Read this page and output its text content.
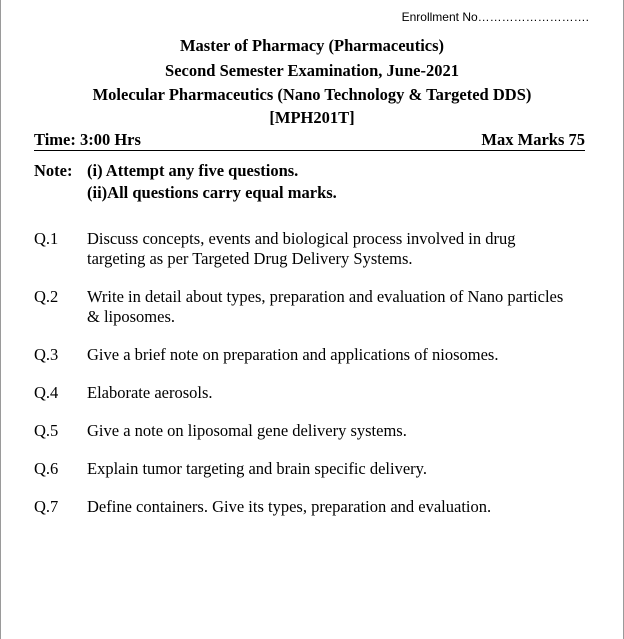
Enrollment No……………………….
Master of Pharmacy (Pharmaceutics)
Second Semester Examination, June-2021
Molecular Pharmaceutics (Nano Technology & Targeted DDS)
[MPH201T]
Time: 3:00 Hrs	Max Marks 75
Note: (i) Attempt any five questions.
(ii)All questions carry equal marks.
Q.1	Discuss concepts, events and biological process involved in drug targeting as per Targeted Drug Delivery Systems.
Q.2	Write in detail about types, preparation and evaluation of Nano particles & liposomes.
Q.3	Give a brief note on preparation and applications of niosomes.
Q.4	Elaborate aerosols.
Q.5	Give a note on liposomal gene delivery systems.
Q.6	Explain tumor targeting and brain specific delivery.
Q.7	Define containers. Give its types, preparation and evaluation.
